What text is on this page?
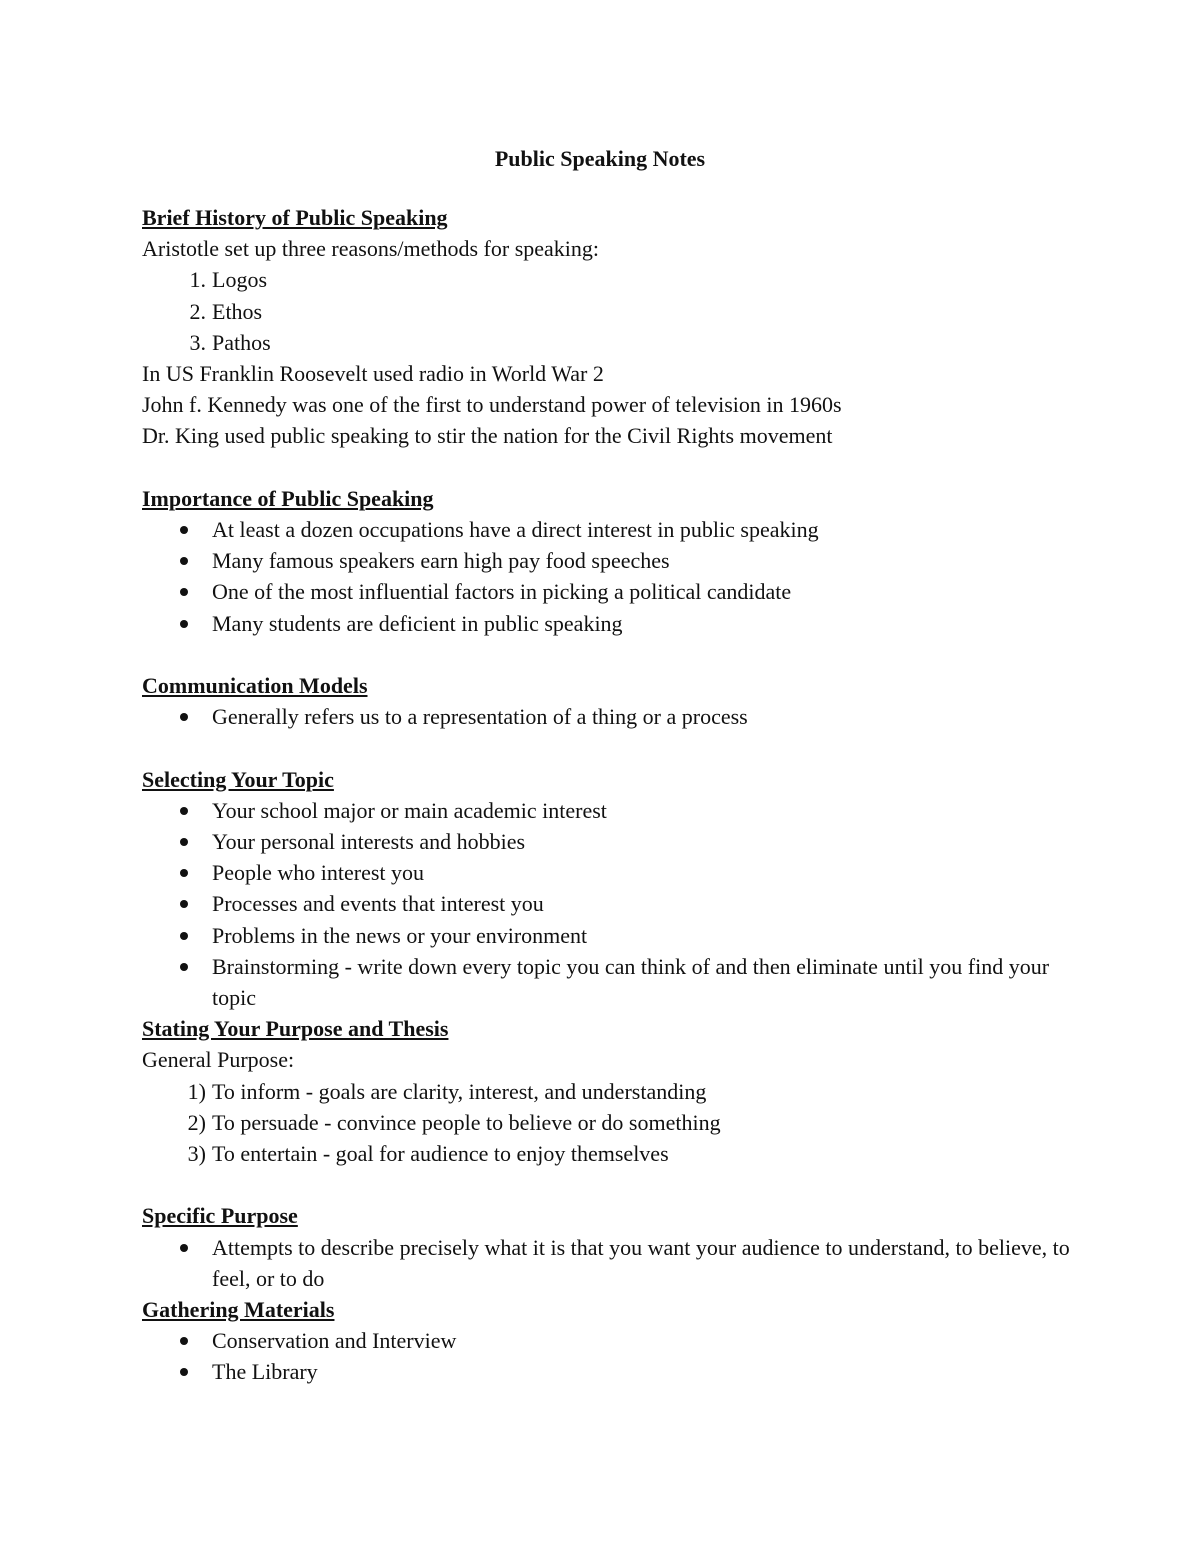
Public Speaking Notes
Brief History of Public Speaking
Aristotle set up three reasons/methods for speaking:
1. Logos
2. Ethos
3. Pathos
In US Franklin Roosevelt used radio in World War 2
John f. Kennedy was one of the first to understand power of television in 1960s
Dr. King used public speaking to stir the nation for the Civil Rights movement
Importance of Public Speaking
At least a dozen occupations have a direct interest in public speaking
Many famous speakers earn high pay food speeches
One of the most influential factors in picking a political candidate
Many students are deficient in public speaking
Communication Models
Generally refers us to a representation of a thing or a process
Selecting Your Topic
Your school major or main academic interest
Your personal interests and hobbies
People who interest you
Processes and events that interest you
Problems in the news or your environment
Brainstorming - write down every topic you can think of and then eliminate until you find your topic
Stating Your Purpose and Thesis
General Purpose:
1) To inform - goals are clarity, interest, and understanding
2) To persuade - convince people to believe or do something
3) To entertain - goal for audience to enjoy themselves
Specific Purpose
Attempts to describe precisely what it is that you want your audience to understand, to believe, to feel, or to do
Gathering Materials
Conservation and Interview
The Library
